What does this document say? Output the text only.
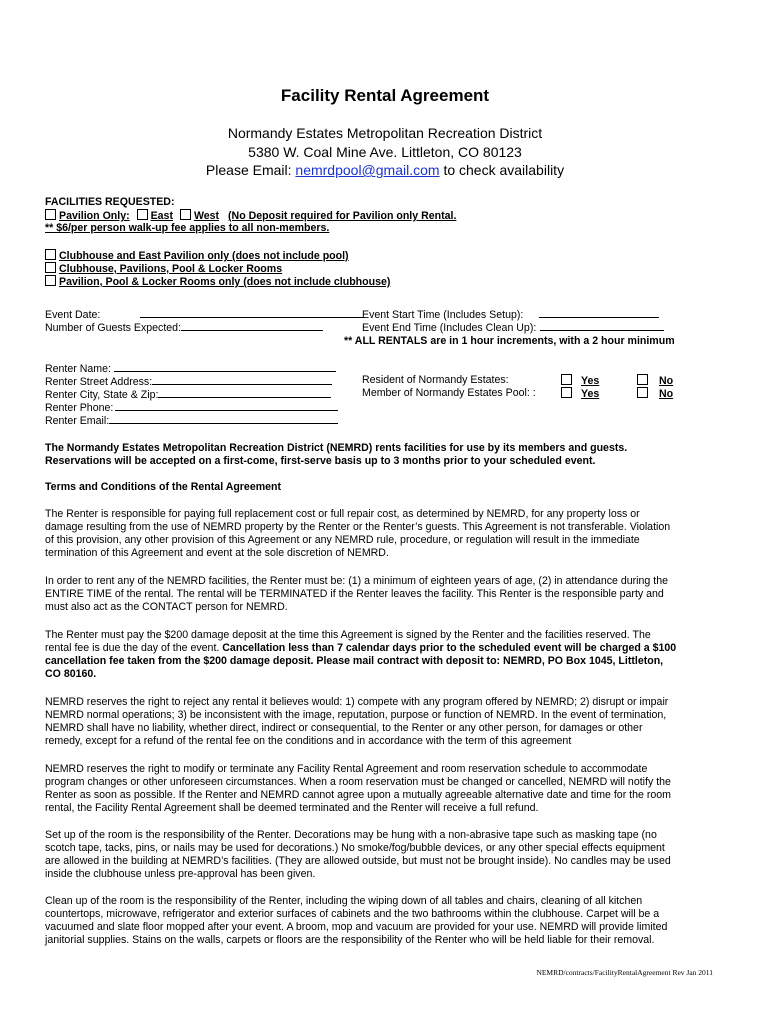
Facility Rental Agreement
Normandy Estates Metropolitan Recreation District
5380 W. Coal Mine Ave. Littleton, CO 80123
Please Email: nemrdpool@gmail.com to check availability
FACILITIES REQUESTED:
Pavilion Only: East West (No Deposit required for Pavilion only Rental.
** $6/per person walk-up fee applies to all non-members.
Clubhouse and East Pavilion only (does not include pool)
Clubhouse, Pavilions, Pool & Locker Rooms
Pavilion, Pool & Locker Rooms only (does not include clubhouse)
Event Date:
Number of Guests Expected:
Event Start Time (Includes Setup):
Event End Time (Includes Clean Up):
** ALL RENTALS are in 1 hour increments, with a 2 hour minimum
Renter Name:
Renter Street Address:
Renter City, State & Zip:
Renter Phone:
Renter Email:
Resident of Normandy Estates:
Member of Normandy Estates Pool: :
Yes	No
Yes	No
The Normandy Estates Metropolitan Recreation District (NEMRD) rents facilities for use by its members and guests.
Reservations will be accepted on a first-come, first-serve basis up to 3 months prior to your scheduled event.
Terms and Conditions of the Rental Agreement
The Renter is responsible for paying full replacement cost or full repair cost, as determined by NEMRD, for any property loss or
damage resulting from the use of NEMRD property by the Renter or the Renter’s guests. This Agreement is not transferable. Violation
of this provision, any other provision of this Agreement or any NEMRD rule, procedure, or regulation will result in the immediate
termination of this Agreement and event at the sole discretion of NEMRD.
In order to rent any of the NEMRD facilities, the Renter must be: (1) a minimum of eighteen years of age, (2) in attendance during the
ENTIRE TIME of the rental. The rental will be TERMINATED if the Renter leaves the facility. This Renter is the responsible party and
must also act as the CONTACT person for NEMRD.
The Renter must pay the $200 damage deposit at the time this Agreement is signed by the Renter and the facilities reserved. The
rental fee is due the day of the event. Cancellation less than 7 calendar days prior to the scheduled event will be charged a $100
cancellation fee taken from the $200 damage deposit. Please mail contract with deposit to: NEMRD, PO Box 1045, Littleton,
CO 80160.
NEMRD reserves the right to reject any rental it believes would: 1) compete with any program offered by NEMRD; 2) disrupt or impair
NEMRD normal operations; 3) be inconsistent with the image, reputation, purpose or function of NEMRD. In the event of termination,
NEMRD shall have no liability, whether direct, indirect or consequential, to the Renter or any other person, for damages or other
remedy, except for a refund of the rental fee on the conditions and in accordance with the term of this agreement
NEMRD reserves the right to modify or terminate any Facility Rental Agreement and room reservation schedule to accommodate
program changes or other unforeseen circumstances. When a room reservation must be changed or cancelled, NEMRD will notify the
Renter as soon as possible. If the Renter and NEMRD cannot agree upon a mutually agreeable alternative date and time for the room
rental, the Facility Rental Agreement shall be deemed terminated and the Renter will receive a full refund.
Set up of the room is the responsibility of the Renter. Decorations may be hung with a non-abrasive tape such as masking tape (no
scotch tape, tacks, pins, or nails may be used for decorations.) No smoke/fog/bubble devices, or any other special effects equipment
are allowed in the building at NEMRD’s facilities. (They are allowed outside, but must not be brought inside). No candles may be used
inside the clubhouse unless pre-approval has been given.
Clean up of the room is the responsibility of the Renter, including the wiping down of all tables and chairs, cleaning of all kitchen
countertops, microwave, refrigerator and exterior surfaces of cabinets and the two bathrooms within the clubhouse. Carpet will be a
vacuumed and slate floor mopped after your event. A broom, mop and vacuum are provided for your use. NEMRD will provide limited
janitorial supplies. Stains on the walls, carpets or floors are the responsibility of the Renter who will be held liable for their removal.
NEMRD/contracts/FacilityRentalAgreement Rev Jan 2011
